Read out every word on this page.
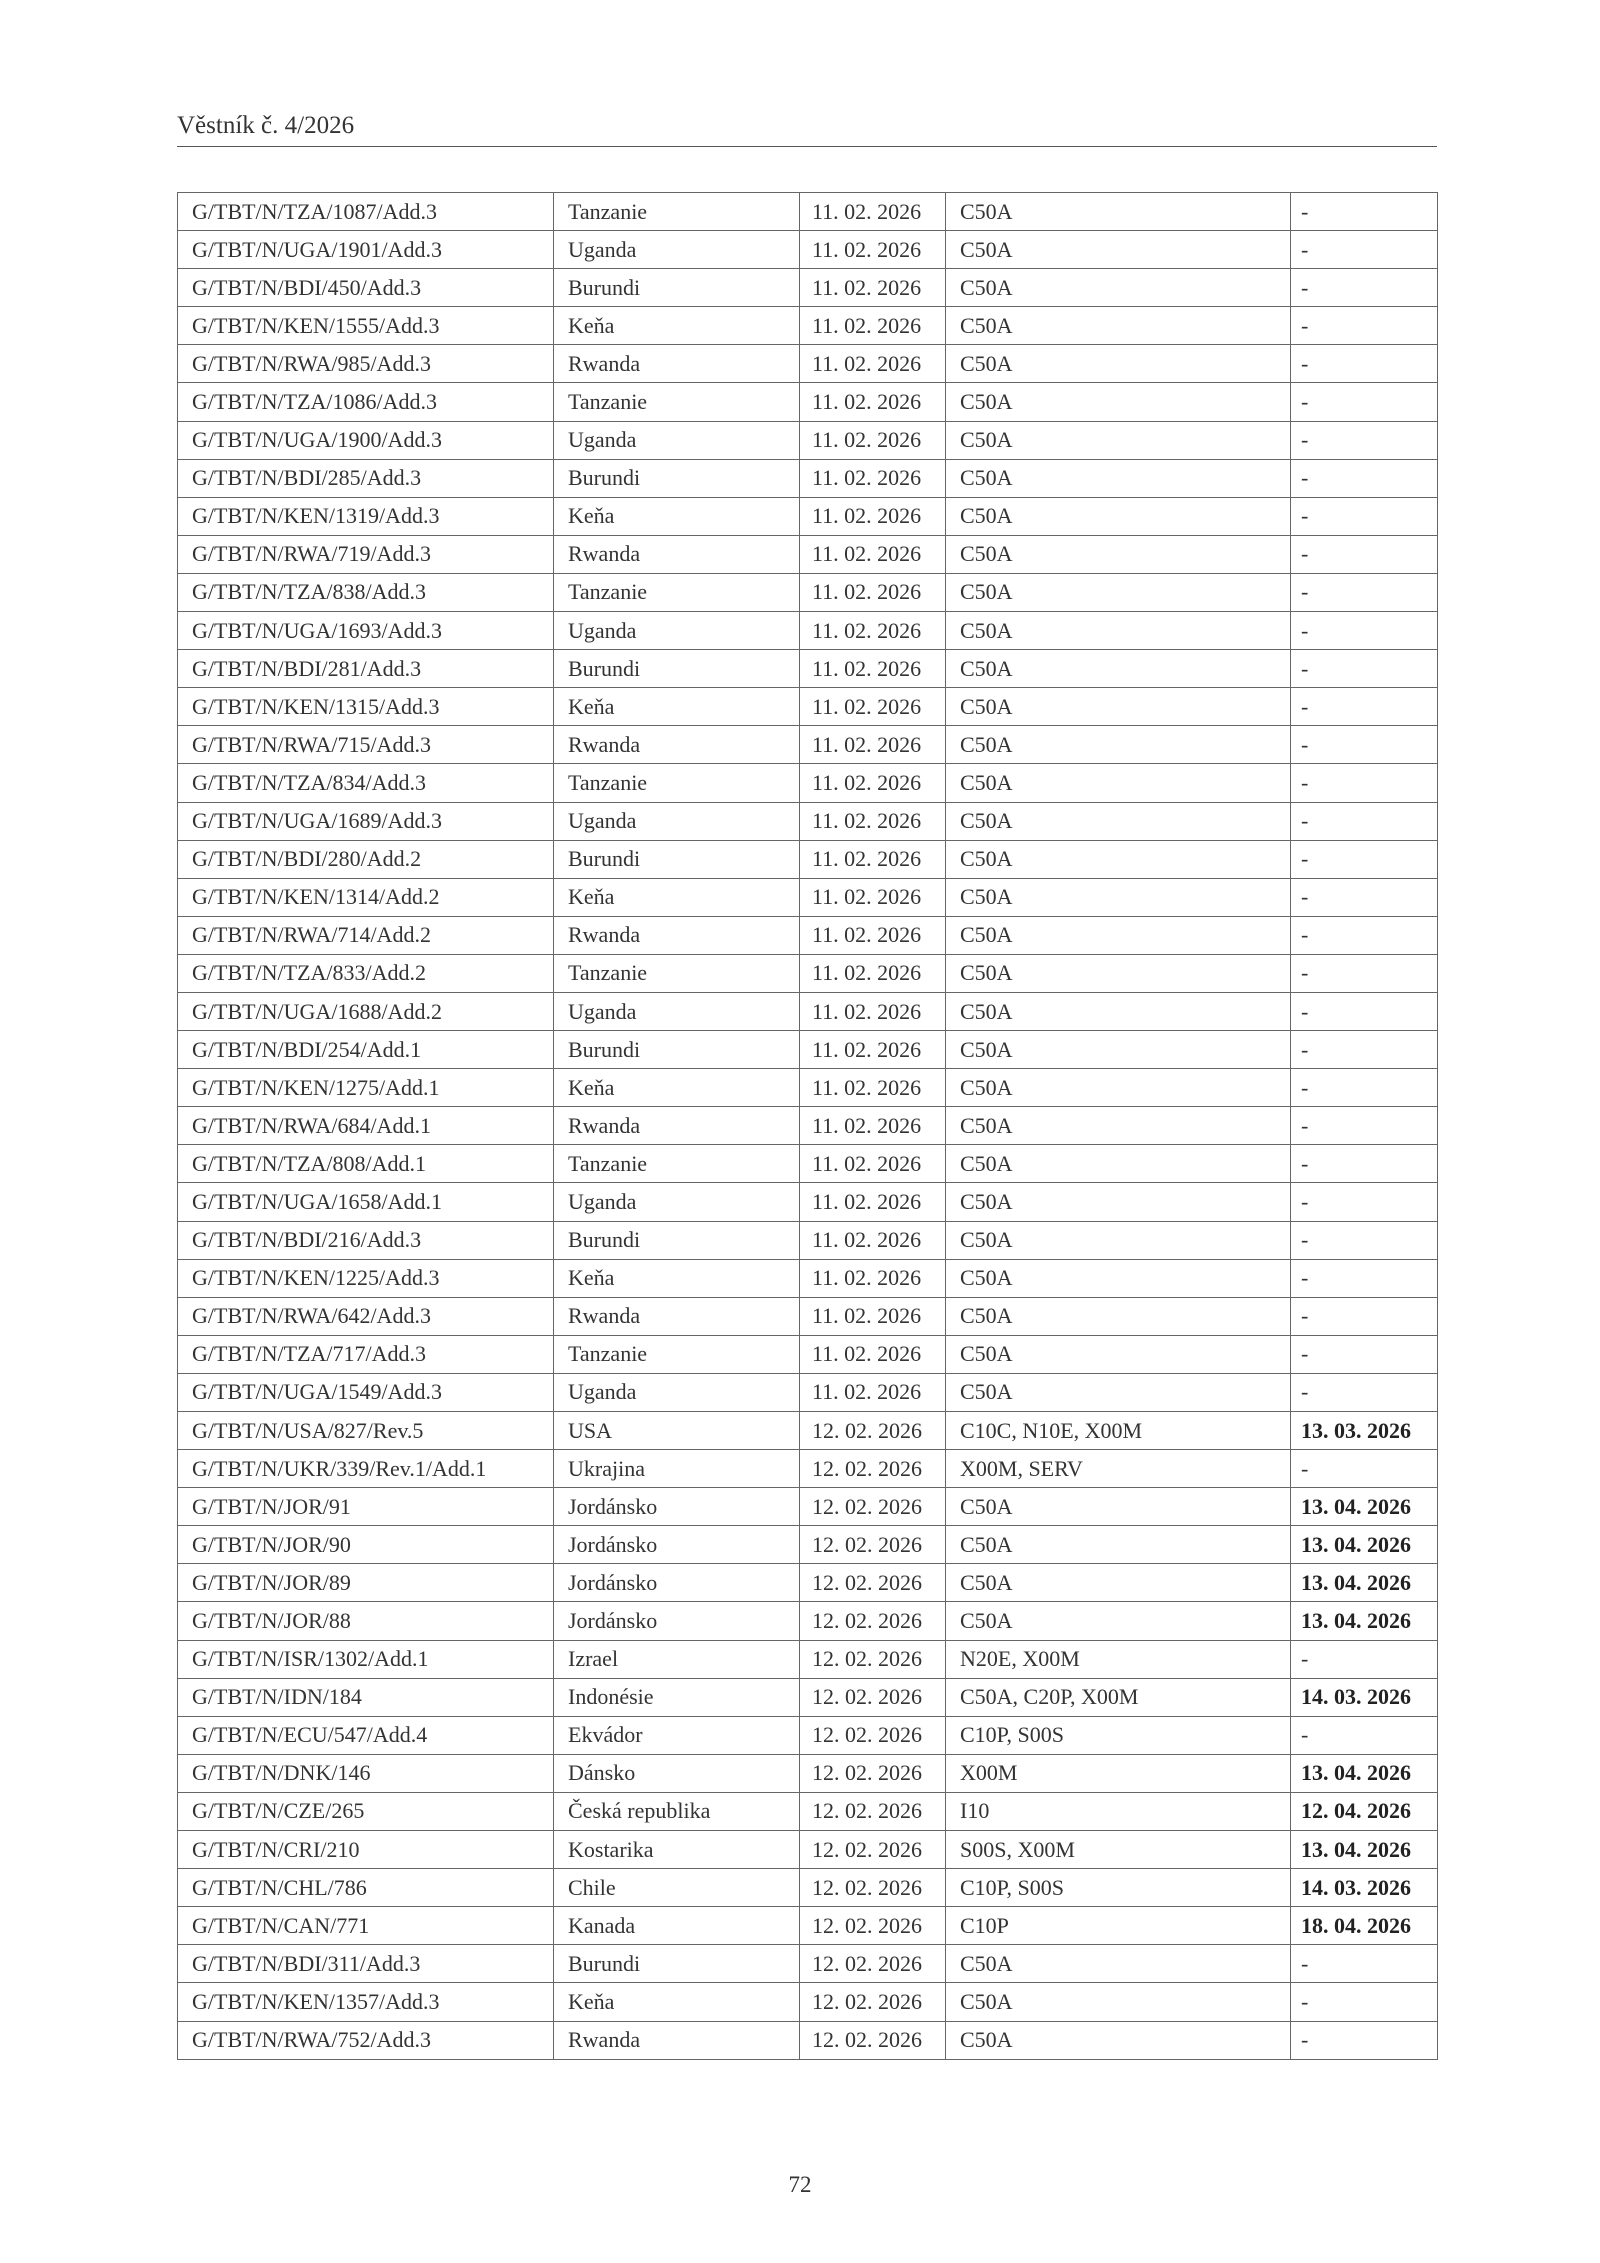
Věstník č. 4/2026
G/TBT/N/TZA/1087/Add.3	Tanzanie	11. 02. 2026	C50A	-
G/TBT/N/UGA/1901/Add.3	Uganda	11. 02. 2026	C50A	-
G/TBT/N/BDI/450/Add.3	Burundi	11. 02. 2026	C50A	-
G/TBT/N/KEN/1555/Add.3	Keňa	11. 02. 2026	C50A	-
G/TBT/N/RWA/985/Add.3	Rwanda	11. 02. 2026	C50A	-
G/TBT/N/TZA/1086/Add.3	Tanzanie	11. 02. 2026	C50A	-
G/TBT/N/UGA/1900/Add.3	Uganda	11. 02. 2026	C50A	-
G/TBT/N/BDI/285/Add.3	Burundi	11. 02. 2026	C50A	-
G/TBT/N/KEN/1319/Add.3	Keňa	11. 02. 2026	C50A	-
G/TBT/N/RWA/719/Add.3	Rwanda	11. 02. 2026	C50A	-
G/TBT/N/TZA/838/Add.3	Tanzanie	11. 02. 2026	C50A	-
G/TBT/N/UGA/1693/Add.3	Uganda	11. 02. 2026	C50A	-
G/TBT/N/BDI/281/Add.3	Burundi	11. 02. 2026	C50A	-
G/TBT/N/KEN/1315/Add.3	Keňa	11. 02. 2026	C50A	-
G/TBT/N/RWA/715/Add.3	Rwanda	11. 02. 2026	C50A	-
G/TBT/N/TZA/834/Add.3	Tanzanie	11. 02. 2026	C50A	-
G/TBT/N/UGA/1689/Add.3	Uganda	11. 02. 2026	C50A	-
G/TBT/N/BDI/280/Add.2	Burundi	11. 02. 2026	C50A	-
G/TBT/N/KEN/1314/Add.2	Keňa	11. 02. 2026	C50A	-
G/TBT/N/RWA/714/Add.2	Rwanda	11. 02. 2026	C50A	-
G/TBT/N/TZA/833/Add.2	Tanzanie	11. 02. 2026	C50A	-
G/TBT/N/UGA/1688/Add.2	Uganda	11. 02. 2026	C50A	-
G/TBT/N/BDI/254/Add.1	Burundi	11. 02. 2026	C50A	-
G/TBT/N/KEN/1275/Add.1	Keňa	11. 02. 2026	C50A	-
G/TBT/N/RWA/684/Add.1	Rwanda	11. 02. 2026	C50A	-
G/TBT/N/TZA/808/Add.1	Tanzanie	11. 02. 2026	C50A	-
G/TBT/N/UGA/1658/Add.1	Uganda	11. 02. 2026	C50A	-
G/TBT/N/BDI/216/Add.3	Burundi	11. 02. 2026	C50A	-
G/TBT/N/KEN/1225/Add.3	Keňa	11. 02. 2026	C50A	-
G/TBT/N/RWA/642/Add.3	Rwanda	11. 02. 2026	C50A	-
G/TBT/N/TZA/717/Add.3	Tanzanie	11. 02. 2026	C50A	-
G/TBT/N/UGA/1549/Add.3	Uganda	11. 02. 2026	C50A	-
G/TBT/N/USA/827/Rev.5	USA	12. 02. 2026	C10C, N10E, X00M	13. 03. 2026
G/TBT/N/UKR/339/Rev.1/Add.1	Ukrajina	12. 02. 2026	X00M, SERV	-
G/TBT/N/JOR/91	Jordánsko	12. 02. 2026	C50A	13. 04. 2026
G/TBT/N/JOR/90	Jordánsko	12. 02. 2026	C50A	13. 04. 2026
G/TBT/N/JOR/89	Jordánsko	12. 02. 2026	C50A	13. 04. 2026
G/TBT/N/JOR/88	Jordánsko	12. 02. 2026	C50A	13. 04. 2026
G/TBT/N/ISR/1302/Add.1	Izrael	12. 02. 2026	N20E, X00M	-
G/TBT/N/IDN/184	Indonésie	12. 02. 2026	C50A, C20P, X00M	14. 03. 2026
G/TBT/N/ECU/547/Add.4	Ekvádor	12. 02. 2026	C10P, S00S	-
G/TBT/N/DNK/146	Dánsko	12. 02. 2026	X00M	13. 04. 2026
G/TBT/N/CZE/265	Česká republika	12. 02. 2026	I10	12. 04. 2026
G/TBT/N/CRI/210	Kostarika	12. 02. 2026	S00S, X00M	13. 04. 2026
G/TBT/N/CHL/786	Chile	12. 02. 2026	C10P, S00S	14. 03. 2026
G/TBT/N/CAN/771	Kanada	12. 02. 2026	C10P	18. 04. 2026
G/TBT/N/BDI/311/Add.3	Burundi	12. 02. 2026	C50A	-
G/TBT/N/KEN/1357/Add.3	Keňa	12. 02. 2026	C50A	-
G/TBT/N/RWA/752/Add.3	Rwanda	12. 02. 2026	C50A	-
72
